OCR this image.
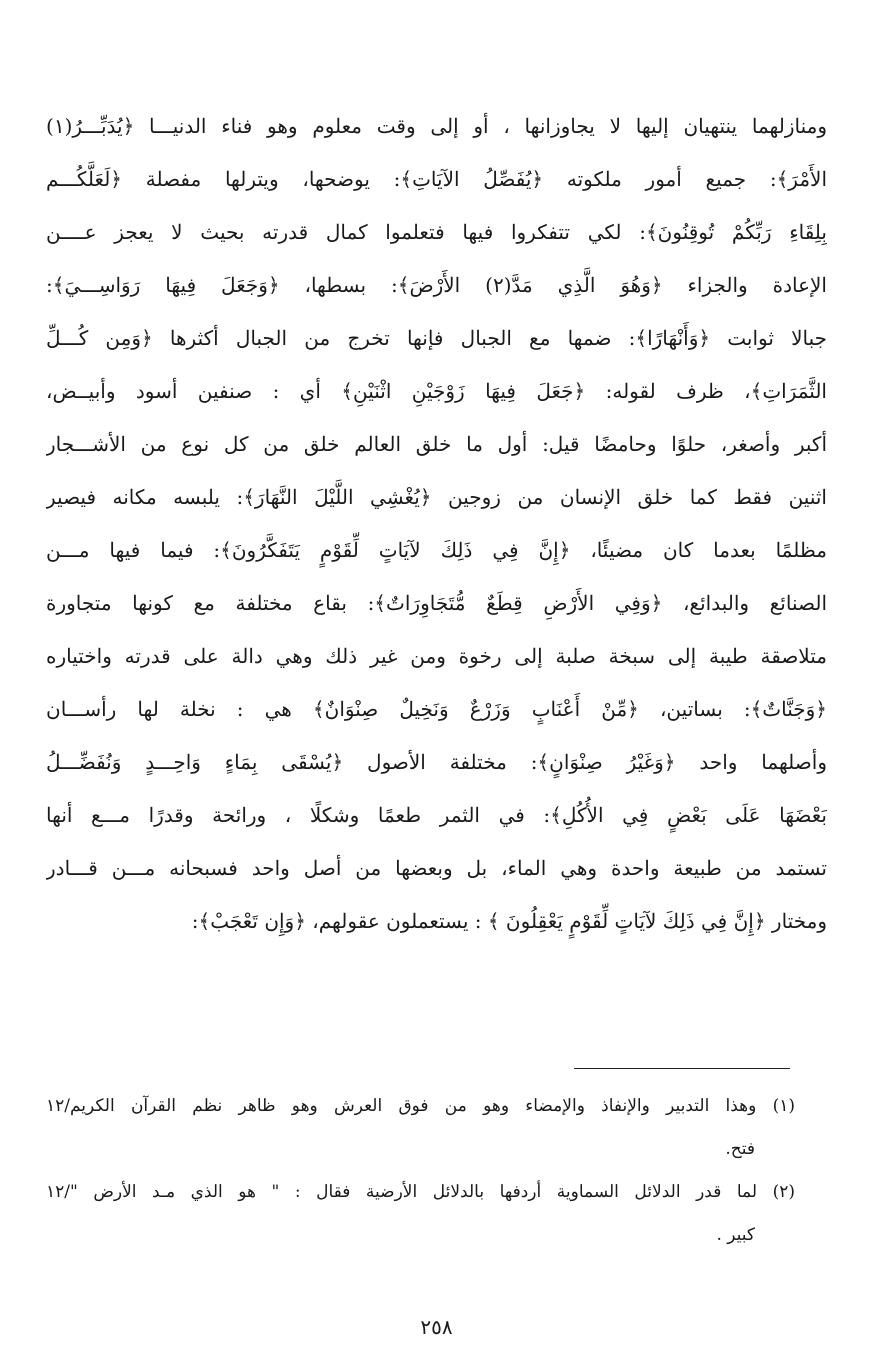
ومنازلهما ينتهيان إليها لا يجاوزانها ، أو إلى وقت معلوم وهو فناء الدنيـــا ﴿يُدَبِّـــرُ(١)
الأَمْرَ﴾: جميع أمور ملكوته ﴿يُفَصِّلُ الآيَاتِ﴾: يوضحها، ويترلها مفصلة ﴿لَعَلَّكُـــم
بِلِقَاءِ رَبِّكُمْ تُوقِنُونَ﴾: لكي تتفكروا فيها فتعلموا كمال قدرته بحيث لا يعجز عــــن
الإعادة والجزاء ﴿وَهُوَ الَّذِي مَدَّ(٢) الأَرْضَ﴾: بسطها، ﴿وَجَعَلَ فِيهَا رَوَاسِـــيَ﴾:
جبالا ثوابت ﴿وَأَنْهَارًا﴾: ضمها مع الجبال فإنها تخرج من الجبال أكثرها ﴿وَمِن كُـــلِّ
الثَّمَرَاتِ﴾، ظرف لقوله: ﴿جَعَلَ فِيهَا زَوْجَيْنِ اثْنَيْنِ﴾ أي : صنفين أسود وأبيــض،
أكبر وأصغر، حلوًا وحامضًا قيل: أول ما خلق العالم خلق من كل نوع من الأشـــجار
اثنين فقط كما خلق الإنسان من زوجين ﴿يُغْشِي اللَّيْلَ النَّهَارَ﴾: يلبسه مكانه فيصير
مظلمًا بعدما كان مضيئًا، ﴿إِنَّ فِي ذَلِكَ لآيَاتٍ لِّقَوْمٍ يَتَفَكَّرُونَ﴾: فيما فيها مـــن
الصنائع والبدائع، ﴿وَفِي الأَرْضِ قِطَعٌ مُّتَجَاوِرَاتٌ﴾: بقاع مختلفة مع كونها متجاورة
متلاصقة طيبة إلى سبخة صلبة إلى رخوة ومن غير ذلك وهي دالة على قدرته واختياره
﴿وَجَنَّاتٌ﴾: بساتين، ﴿مِّنْ أَعْنَابٍ وَزَرْعٌ وَنَخِيلٌ صِنْوَانٌ﴾ هي : نخلة لها رأســـان
وأصلهما واحد ﴿وَغَيْرُ صِنْوَانٍ﴾: مختلفة الأصول ﴿يُسْقَى بِمَاءٍ وَاحِـــدٍ وَنُفَضِّـــلُ
بَعْضَهَا عَلَى بَعْضٍ فِي الأُكُلِ﴾: في الثمر طعمًا وشكلًا ، ورائحة وقدرًا مـــع أنها
تستمد من طبيعة واحدة وهي الماء، بل وبعضها من أصل واحد فسبحانه مـــن قـــادر
ومختار ﴿إِنَّ فِي ذَلِكَ لآيَاتٍ لِّقَوْمٍ يَعْقِلُونَ ﴾ : يستعملون عقولهم، ﴿وَإِن تَعْجَبْ﴾:
(١) وهذا التدبير والإنفاذ والإمضاء وهو من فوق العرش وهو ظاهر نظم القرآن الكريم/١٢
فتح.
(٢) لما قدر الدلائل السماوية أردفها بالدلائل الأرضية فقال : " هو الذي مـد الأرض "/١٢
كبير .
٢٥٨
